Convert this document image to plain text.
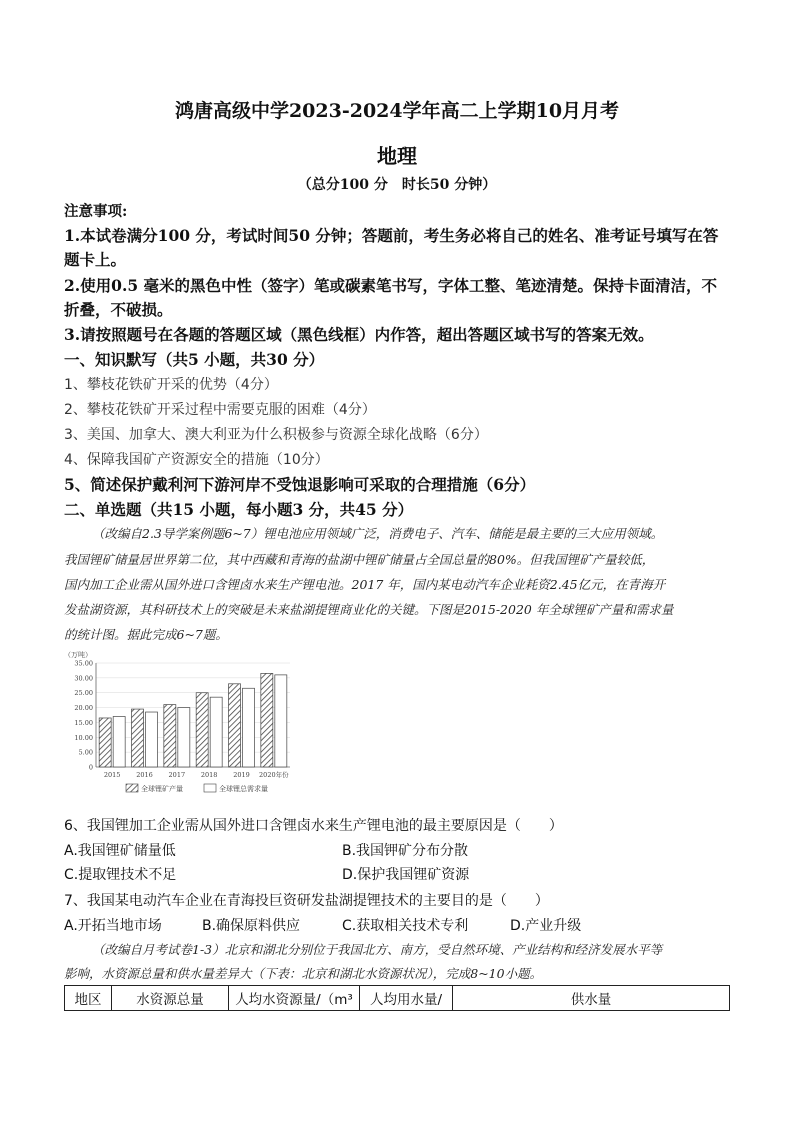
鸿唐高级中学2023-2024学年高二上学期10月月考
地理
（总分100 分　时长50 分钟）
注意事项:
1.本试卷满分100 分，考试时间50 分钟；答题前，考生务必将自己的姓名、准考证号填写在答
题卡上。
2.使用0.5 毫米的黑色中性（签字）笔或碳素笔书写，字体工整、笔迹清楚。保持卡面清洁，不
折叠，不破损。
3.请按照题号在各题的答题区域（黑色线框）内作答，超出答题区域书写的答案无效。
一、知识默写（共5 小题，共30 分）
1、攀枝花铁矿开采的优势（4分）
2、攀枝花铁矿开采过程中需要克服的困难（4分）
3、美国、加拿大、澳大利亚为什么积极参与资源全球化战略（6分）
4、保障我国矿产资源安全的措施（10分）
5、简述保护戴利河下游河岸不受蚀退影响可采取的合理措施（6分）
二、单选题（共15 小题，每小题3 分，共45 分）
（改编自2.3导学案例题6~7）锂电池应用领域广泛，消费电子、汽车、储能是最主要的三大应用领域。
我国锂矿储量居世界第二位，其中西藏和青海的盐湖中锂矿储量占全国总量的80%。但我国锂矿产量较低，
国内加工企业需从国外进口含锂卤水来生产锂电池。2017 年，国内某电动汽车企业耗资2.45亿元，在青海开
发盐湖资源，其科研技术上的突破是未来盐湖提锂商业化的关键。下图是2015-2020 年全球锂矿产量和需求量
的统计图。据此完成6~7题。
（万吨）
35.00
30.00
25.00
20.00
15.00
10.00
5.00
0
2015 2016 2017 2018 2019 2020年份
全球锂矿产量	全球锂总需求量
6、我国锂加工企业需从国外进口含锂卤水来生产锂电池的最主要原因是（　　）
A.我国锂矿储量低	B.我国钾矿分布分散
C.提取锂技术不足	D.保护我国锂矿资源
7、我国某电动汽车企业在青海投巨资研发盐湖提锂技术的主要目的是（　　）
A.开拓当地市场	B.确保原料供应	C.获取相关技术专利	D.产业升级
（改编自月考试卷1-3）北京和湖北分别位于我国北方、南方，受自然环境、产业结构和经济发展水平等
影响，水资源总量和供水量差异大（下表：北京和湖北水资源状况），完成8~10小题。
地区	水资源总量	人均水资源量/（m³	人均用水量/	供水量
